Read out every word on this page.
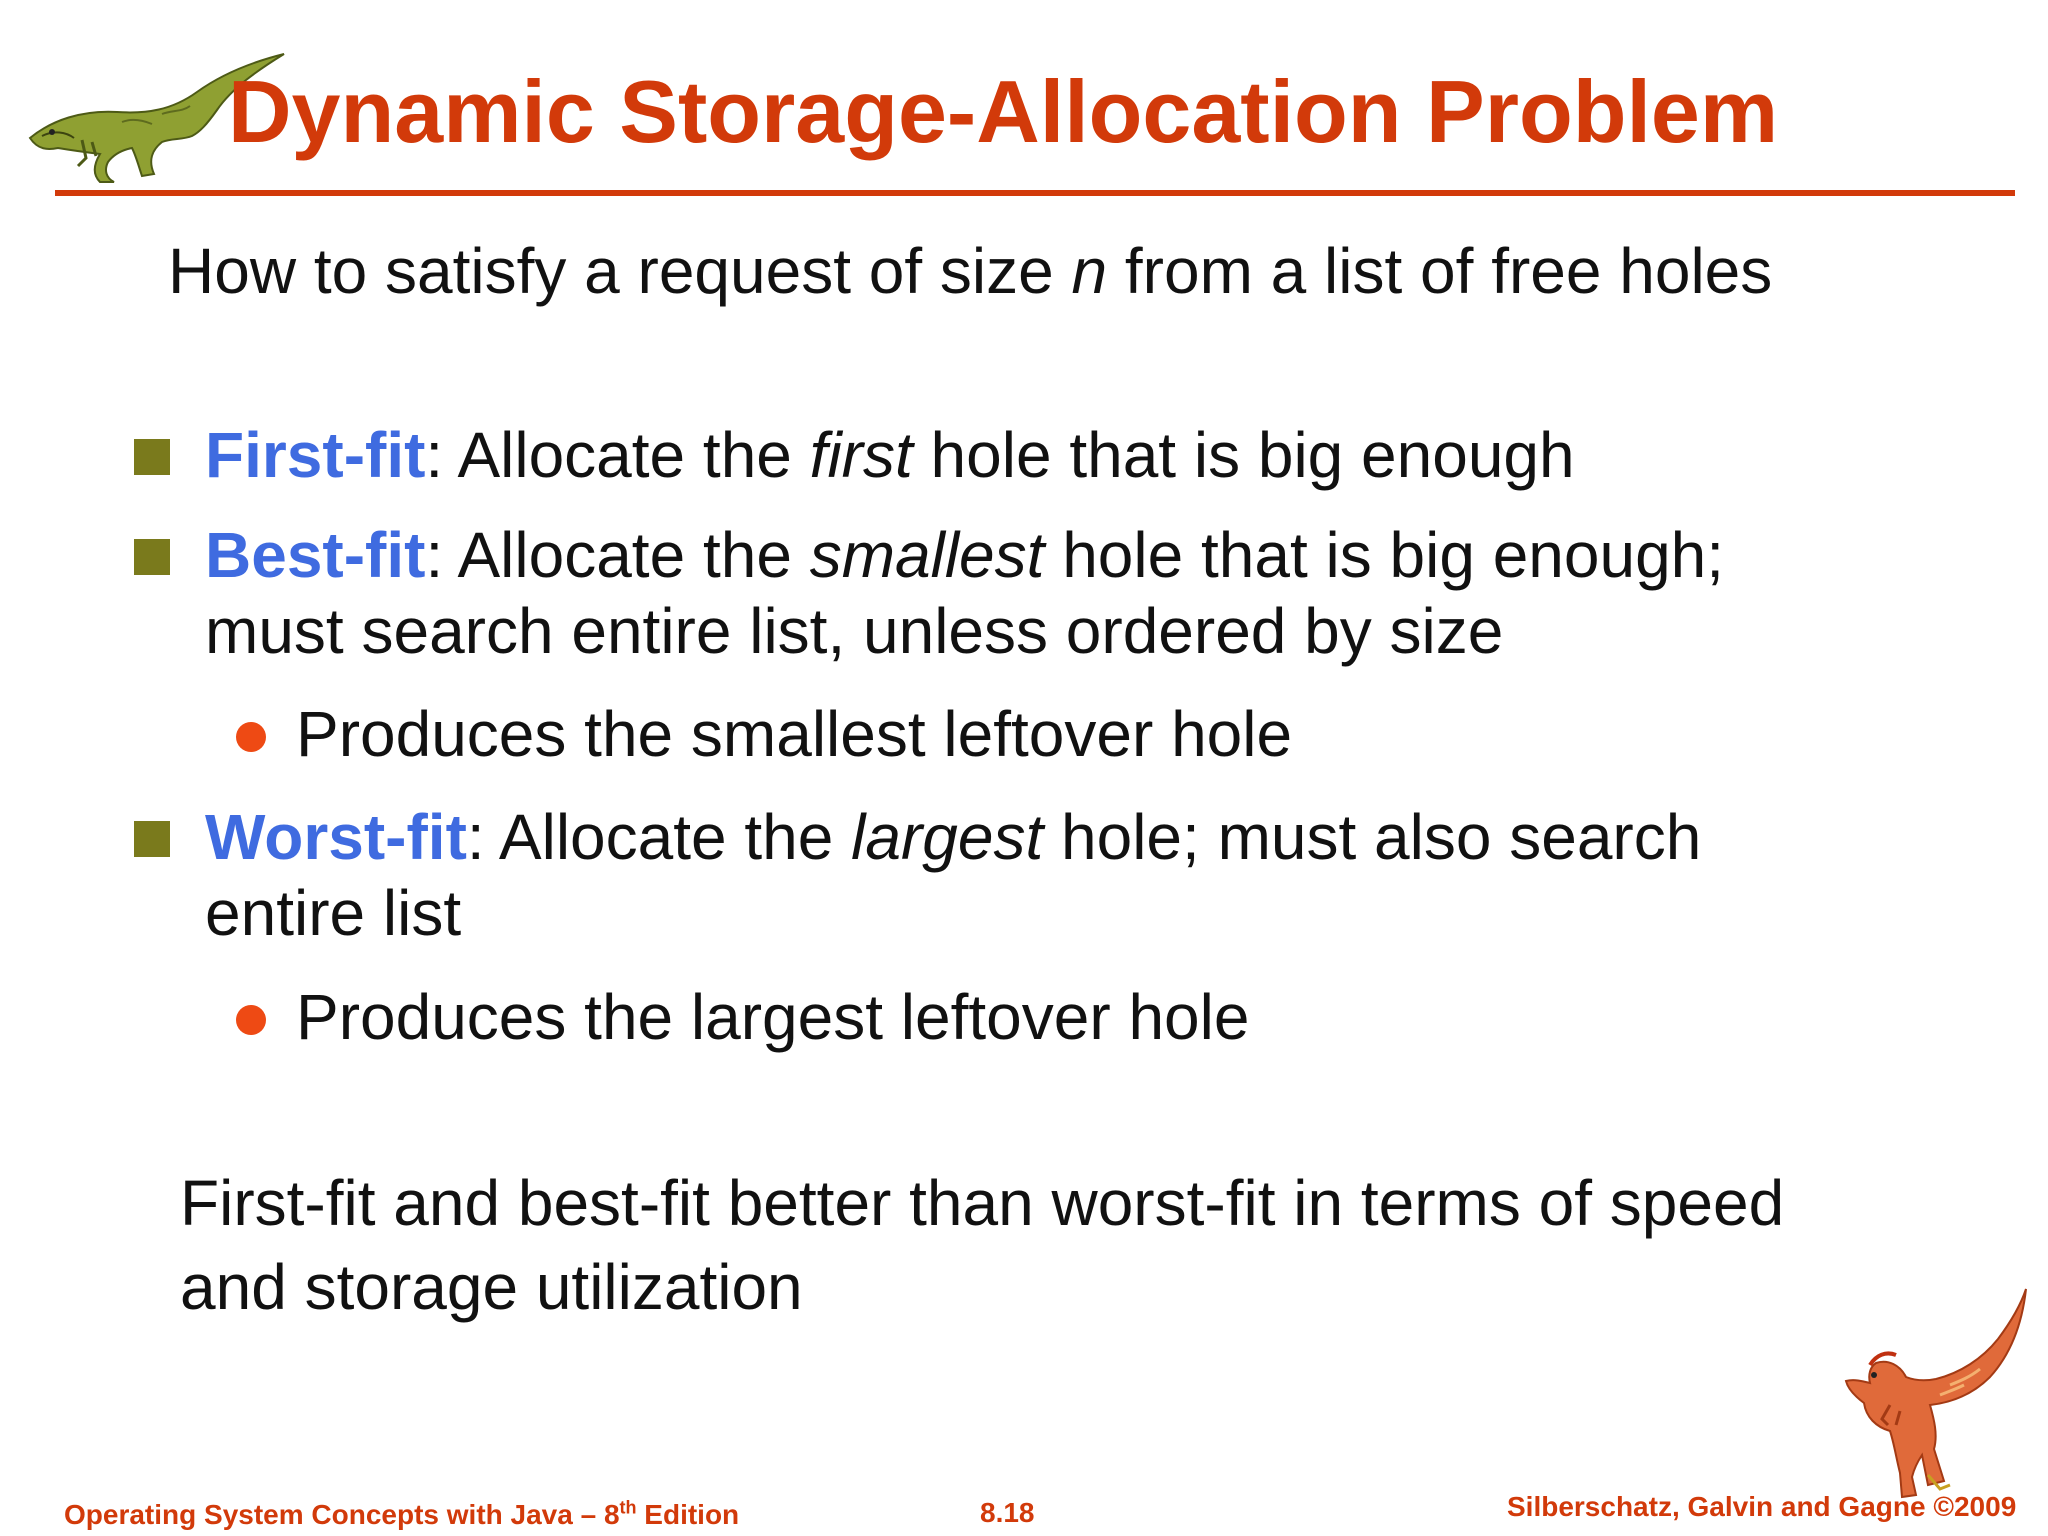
Dynamic Storage-Allocation Problem
How to satisfy a request of size n from a list of free holes
First-fit: Allocate the first hole that is big enough
Best-fit: Allocate the smallest hole that is big enough;
must search entire list, unless ordered by size
Produces the smallest leftover hole
Worst-fit: Allocate the largest hole; must also search
entire list
Produces the largest leftover hole
First-fit and best-fit better than worst-fit in terms of speed
and storage utilization
Operating System Concepts with Java – 8th Edition	8.18	Silberschatz, Galvin and Gagne ©2009
